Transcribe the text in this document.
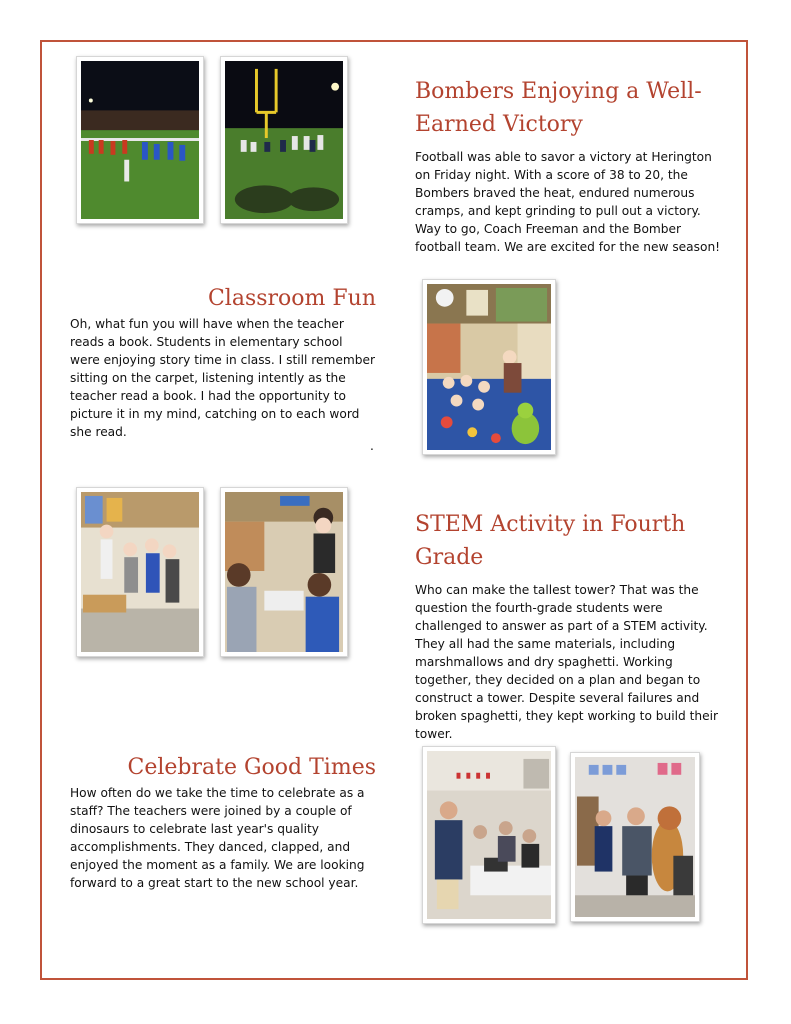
Bombers Enjoying a Well-Earned Victory

Football was able to savor a victory at Herington on Friday night. With a score of 38 to 20, the Bombers braved the heat, endured numerous cramps, and kept grinding to pull out a victory. Way to go, Coach Freeman and the Bomber football team. We are excited for the new season!

Classroom Fun

Oh, what fun you will have when the teacher reads a book. Students in elementary school were enjoying story time in class. I still remember sitting on the carpet, listening intently as the teacher read a book. I had the opportunity to picture it in my mind, catching on to each word she read.

.
STEM Activity in Fourth Grade

Who can make the tallest tower? That was the question the fourth-grade students were challenged to answer as part of a STEM activity. They all had the same materials, including marshmallows and dry spaghetti. Working together, they decided on a plan and began to construct a tower. Despite several failures and broken spaghetti, they kept working to build their tower.

Celebrate Good Times

How often do we take the time to celebrate as a staff? The teachers were joined by a couple of dinosaurs to celebrate last year's quality accomplishments. They danced, clapped, and enjoyed the moment as a family. We are looking forward to a great start to the new school year.
